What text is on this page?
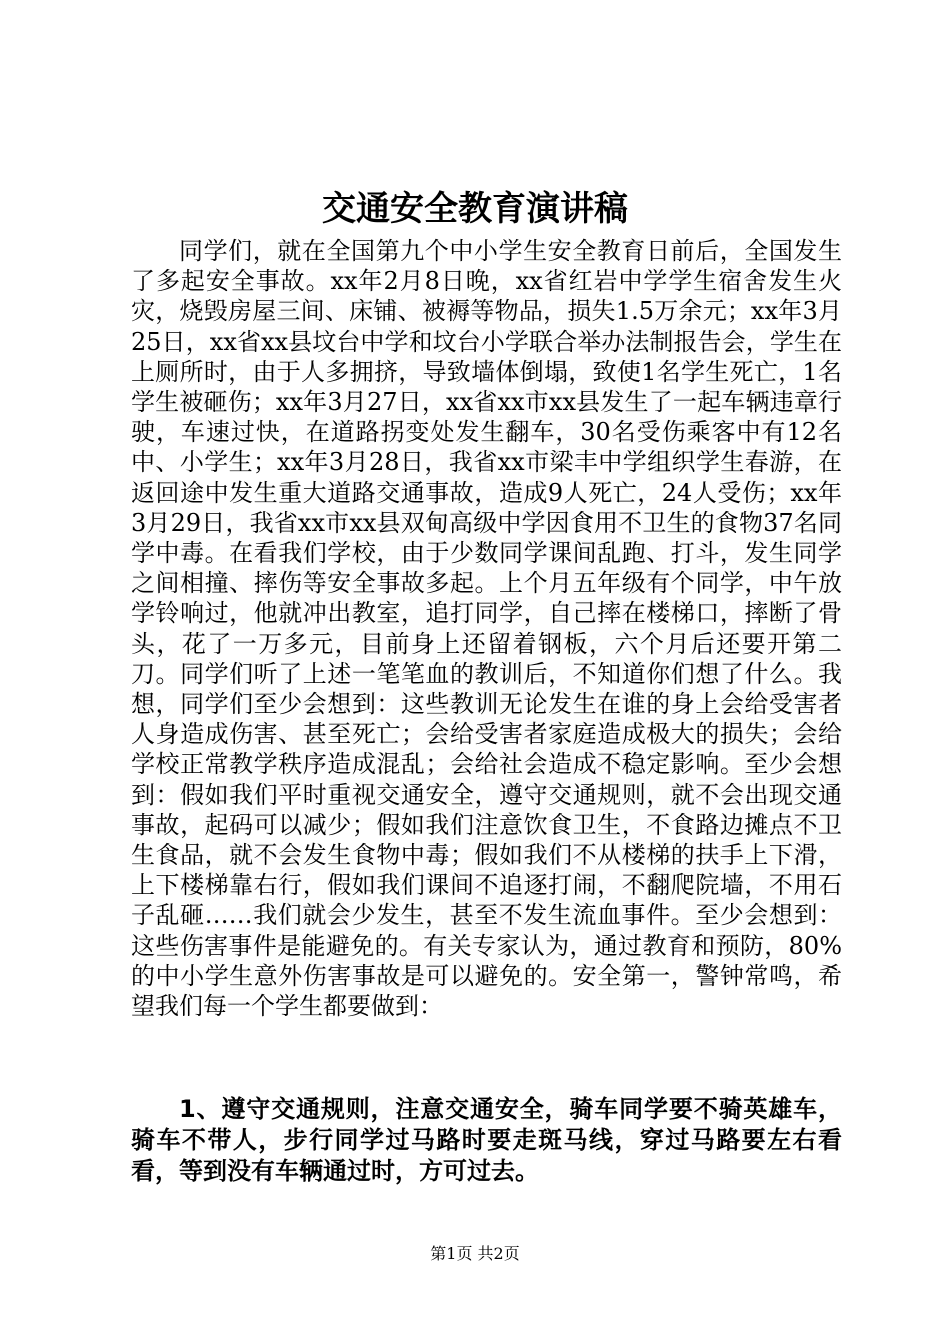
交通安全教育演讲稿

同学们，就在全国第九个中小学生安全教育日前后，全国发生了多起安全事故。xx年2月8日晚，xx省红岩中学学生宿舍发生火灾，烧毁房屋三间、床铺、被褥等物品，损失1.5万余元；xx年3月25日，xx省xx县坟台中学和坟台小学联合举办法制报告会，学生在上厕所时，由于人多拥挤，导致墙体倒塌，致使1名学生死亡，1名学生被砸伤；xx年3月27日，xx省xx市xx县发生了一起车辆违章行驶，车速过快，在道路拐变处发生翻车，30名受伤乘客中有12名中、小学生；xx年3月28日，我省xx市梁丰中学组织学生春游，在返回途中发生重大道路交通事故，造成9人死亡，24人受伤；xx年3月29日，我省xx市xx县双甸高级中学因食用不卫生的食物37名同学中毒。在看我们学校，由于少数同学课间乱跑、打斗，发生同学之间相撞、摔伤等安全事故多起。上个月五年级有个同学，中午放学铃响过，他就冲出教室，追打同学，自己摔在楼梯口，摔断了骨头，花了一万多元，目前身上还留着钢板，六个月后还要开第二刀。同学们听了上述一笔笔血的教训后，不知道你们想了什么。我想，同学们至少会想到：这些教训无论发生在谁的身上会给受害者人身造成伤害、甚至死亡；会给受害者家庭造成极大的损失；会给学校正常教学秩序造成混乱；会给社会造成不稳定影响。至少会想到：假如我们平时重视交通安全，遵守交通规则，就不会出现交通事故，起码可以减少；假如我们注意饮食卫生，不食路边摊点不卫生食品，就不会发生食物中毒；假如我们不从楼梯的扶手上下滑，上下楼梯靠右行，假如我们课间不追逐打闹，不翻爬院墙，不用石子乱砸……我们就会少发生，甚至不发生流血事件。至少会想到：这些伤害事件是能避免的。有关专家认为，通过教育和预防，80%的中小学生意外伤害事故是可以避免的。安全第一，警钟常鸣，希望我们每一个学生都要做到：

1、遵守交通规则，注意交通安全，骑车同学要不骑英雄车，骑车不带人，步行同学过马路时要走斑马线，穿过马路要左右看看，等到没有车辆通过时，方可过去。

第1页 共2页
